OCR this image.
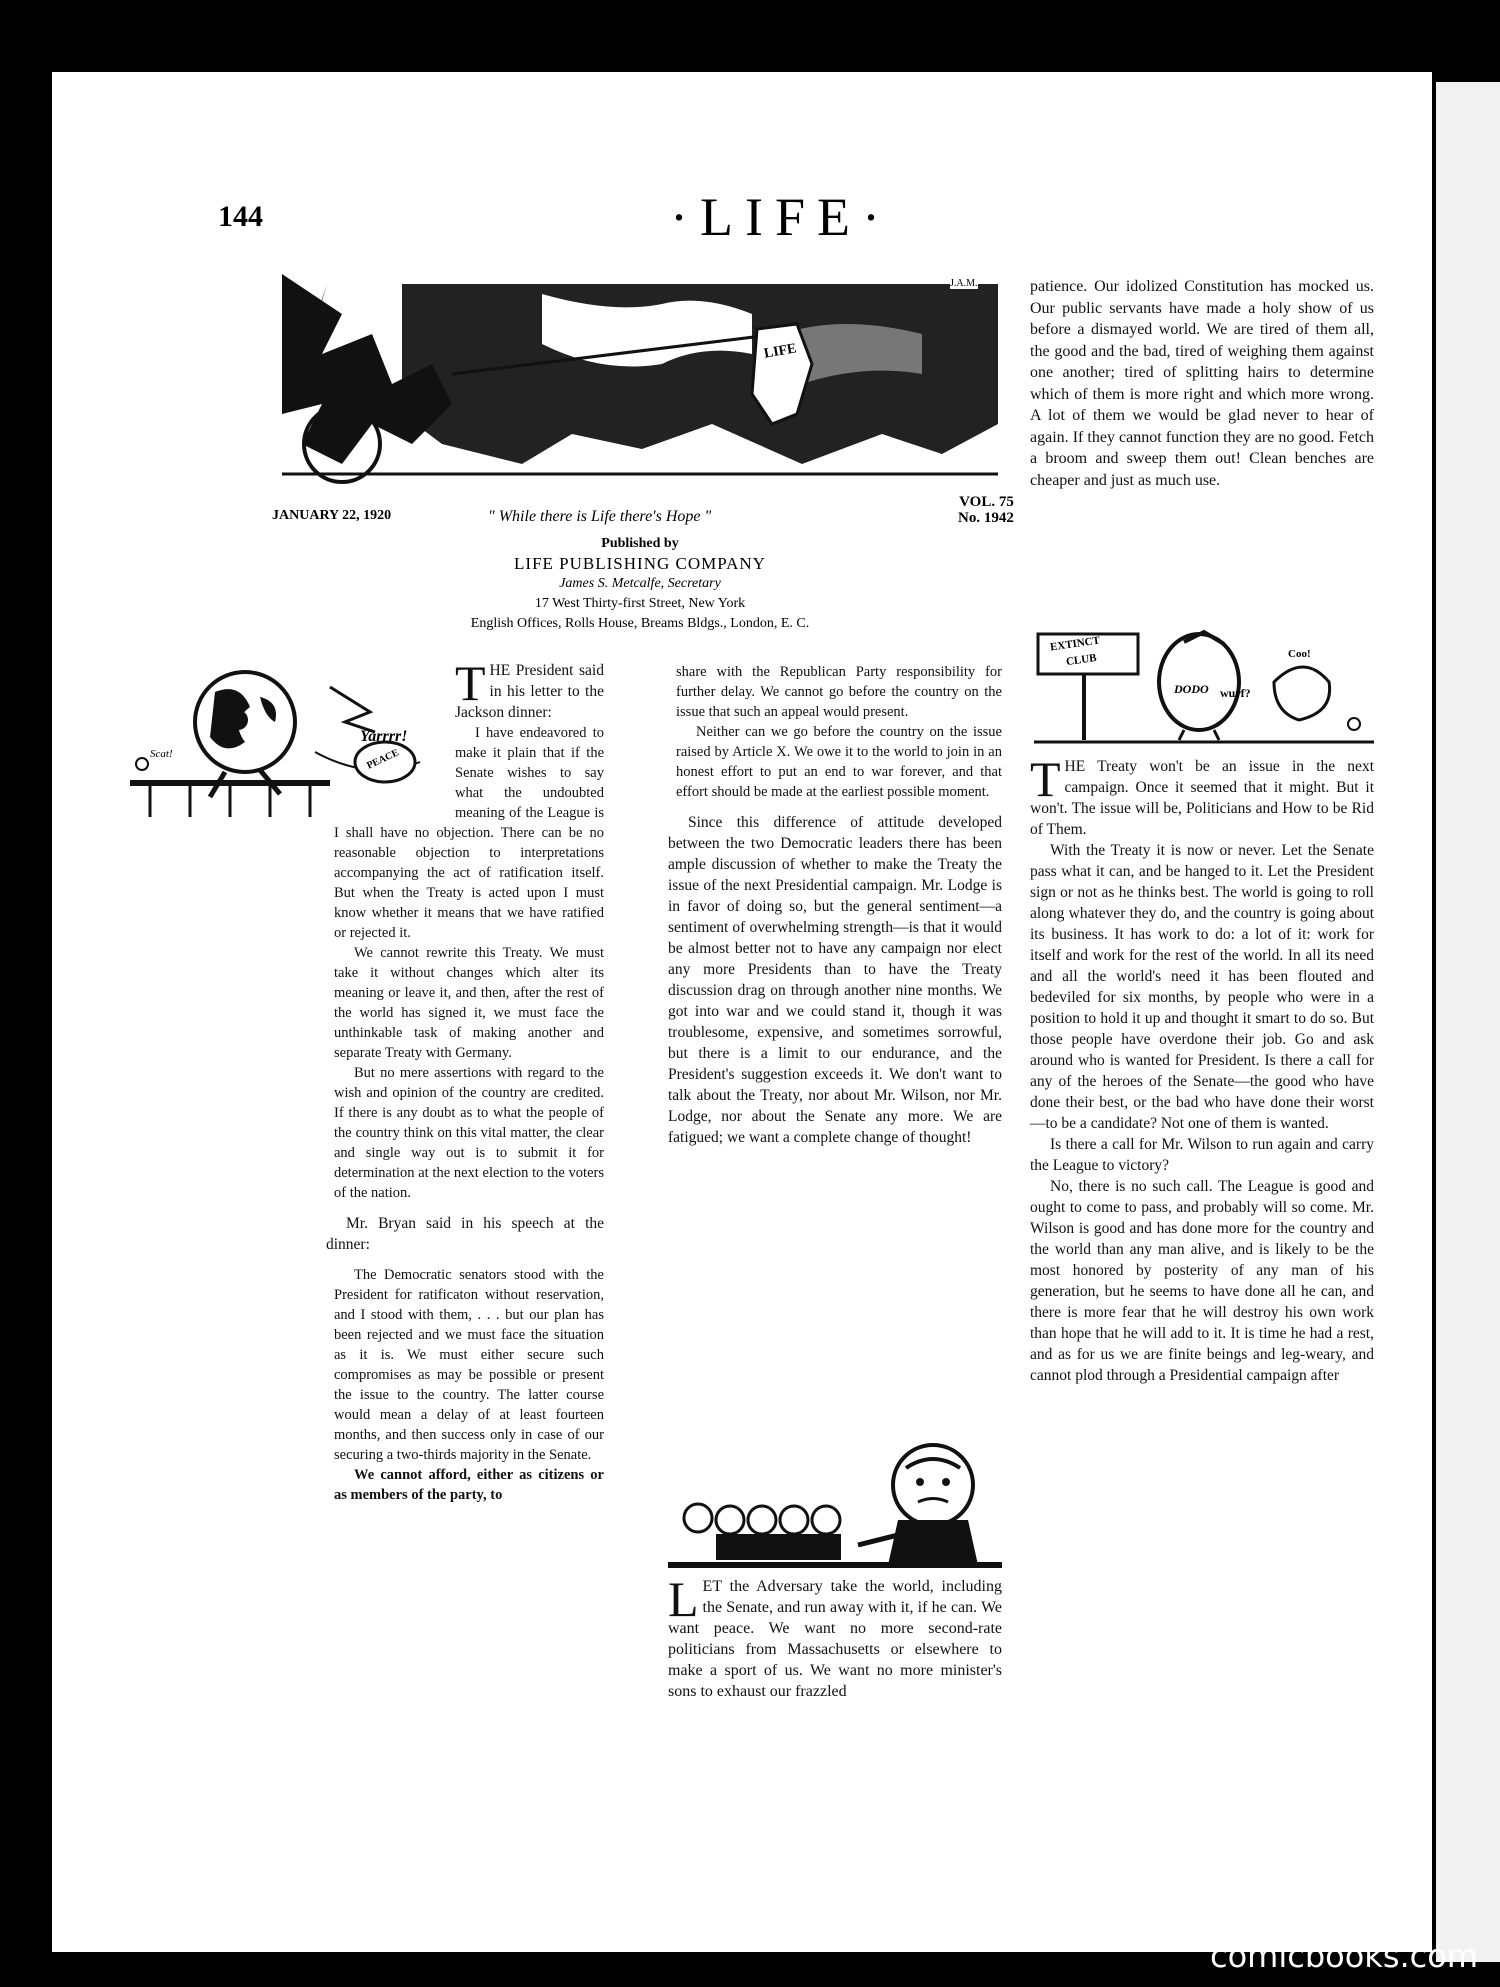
144	·LIFE·
LIFE
J.A.M.
JANUARY 22, 1920	" While there is Life there's Hope "
VOL. 75
No. 1942
Published by
LIFE PUBLISHING COMPANY
James S. Metcalfe, Secretary
17 West Thirty-first Street, New York
English Offices, Rolls House, Breams Bldgs., London, E. C.
Scat!
Yarrrr!
PEACE
T HE President said in his letter to the Jackson dinner:

I have endeavored to make it plain that if the Senate wishes to say what the undoubted meaning of the League is I shall have no objection. There can be no reasonable objection to interpretations accompanying the act of ratification itself. But when the Treaty is acted upon I must know whether it means that we have ratified or rejected it.

We cannot rewrite this Treaty. We must take it without changes which alter its meaning or leave it, and then, after the rest of the world has signed it, we must face the unthinkable task of making another and separate Treaty with Germany.

But no mere assertions with regard to the wish and opinion of the country are credited. If there is any doubt as to what the people of the country think on this vital matter, the clear and single way out is to submit it for determination at the next election to the voters of the nation.

Mr. Bryan said in his speech at the dinner:

The Democratic senators stood with the President for ratificaton without reservation, and I stood with them, . . . but our plan has been rejected and we must face the situation as it is. We must either secure such compromises as may be possible or present the issue to the country. The latter course would mean a delay of at least fourteen months, and then success only in case of our securing a two-thirds majority in the Senate.

We cannot afford, either as citizens or as members of the party, to

share with the Republican Party responsibility for further delay. We cannot go before the country on the issue that such an appeal would present.

Neither can we go before the country on the issue raised by Article X. We owe it to the world to join in an honest effort to put an end to war forever, and that effort should be made at the earliest possible moment.

Since this difference of attitude developed between the two Democratic leaders there has been ample discussion of whether to make the Treaty the issue of the next Presidential campaign. Mr. Lodge is in favor of doing so, but the general sentiment—a sentiment of overwhelming strength—is that it would be almost better not to have any campaign nor elect any more Presidents than to have the Treaty discussion drag on through another nine months. We got into war and we could stand it, though it was troublesome, expensive, and sometimes sorrowful, but there is a limit to our endurance, and the President's suggestion exceeds it. We don't want to talk about the Treaty, nor about Mr. Wilson, nor Mr. Lodge, nor about the Senate any more. We are fatigued; we want a complete change of thought!

L ET the Adversary take the world, including the Senate, and run away with it, if he can. We want peace. We want no more second-rate politicians from Massachusetts or elsewhere to make a sport of us. We want no more minister's sons to exhaust our frazzled

patience. Our idolized Constitution has mocked us. Our public servants have made a holy show of us before a dismayed world. We are tired of them all, the good and the bad, tired of weighing them against one another; tired of splitting hairs to determine which of them is more right and which more wrong. A lot of them we would be glad never to hear of again. If they cannot function they are no good. Fetch a broom and sweep them out! Clean benches are cheaper and just as much use.

EXTINCT
CLUB
DODO wurf?
Coo!
T HE Treaty won't be an issue in the next campaign. Once it seemed that it might. But it won't. The issue will be, Politicians and How to be Rid of Them.

With the Treaty it is now or never. Let the Senate pass what it can, and be hanged to it. Let the President sign or not as he thinks best. The world is going to roll along whatever they do, and the country is going about its business. It has work to do: a lot of it: work for itself and work for the rest of the world. In all its need and all the world's need it has been flouted and bedeviled for six months, by people who were in a position to hold it up and thought it smart to do so. But those people have overdone their job. Go and ask around who is wanted for President. Is there a call for any of the heroes of the Senate—the good who have done their best, or the bad who have done their worst—to be a candidate? Not one of them is wanted.

Is there a call for Mr. Wilson to run again and carry the League to victory?

No, there is no such call. The League is good and ought to come to pass, and probably will so come. Mr. Wilson is good and has done more for the country and the world than any man alive, and is likely to be the most honored by posterity of any man of his generation, but he seems to have done all he can, and there is more fear that he will destroy his own work than hope that he will add to it. It is time he had a rest, and as for us we are finite beings and leg-weary, and cannot plod through a Presidential campaign after

comicbooks.com
